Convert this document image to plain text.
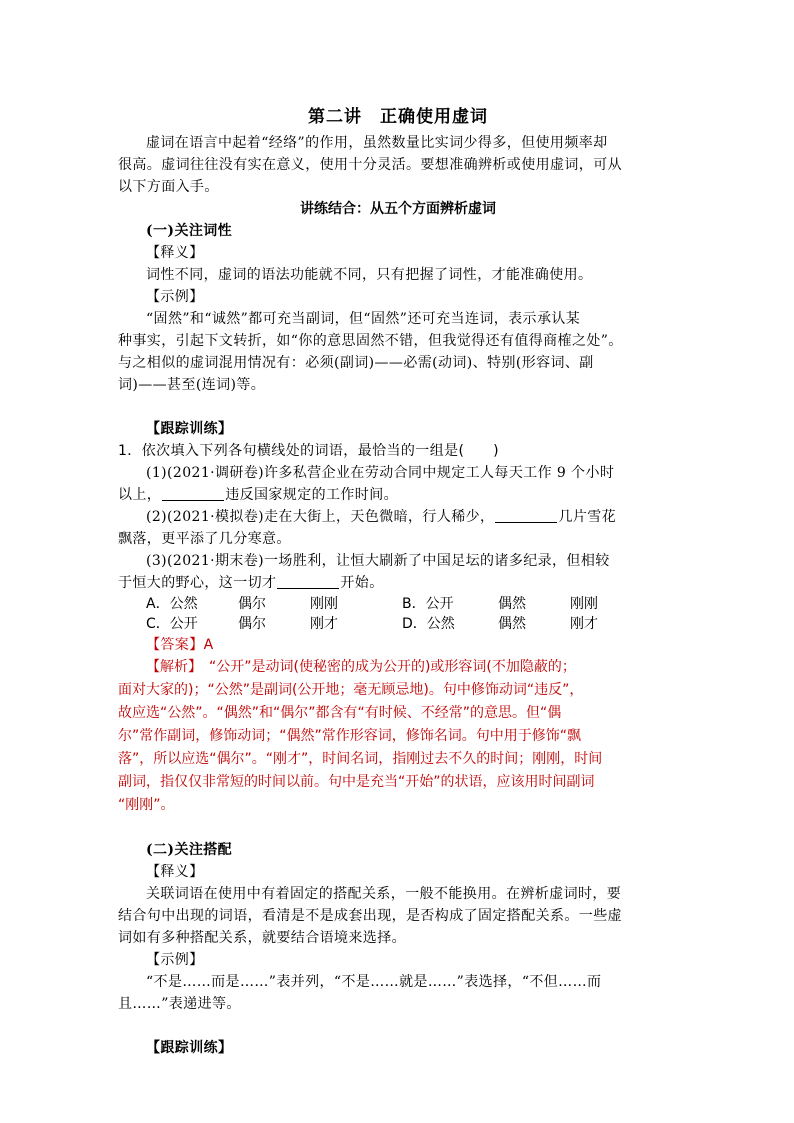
第二讲　正确使用虚词
虚词在语言中起着“经络”的作用，虽然数量比实词少得多，但使用频率却
很高。虚词往往没有实在意义，使用十分灵活。要想准确辨析或使用虚词，可从
以下方面入手。
讲练结合：从五个方面辨析虚词
(一)关注词性
【释义】
词性不同，虚词的语法功能就不同，只有把握了词性，才能准确使用。
【示例】
“固然”和“诚然”都可充当副词，但“固然”还可充当连词，表示承认某
种事实，引起下文转折，如“你的意思固然不错，但我觉得还有值得商榷之处”。
与之相似的虚词混用情况有：必须(副词)——必需(动词)、特别(形容词、副
词)——甚至(连词)等。
【跟踪训练】
1．依次填入下列各句横线处的词语，最恰当的一组是(　　)
(1)(2021·调研卷)许多私营企业在劳动合同中规定工人每天工作 9 个小时
以上，	违反国家规定的工作时间。
(2)(2021·模拟卷)走在大街上，天色微暗，行人稀少，	几片雪花
飘落，更平添了几分寒意。
(3)(2021·期末卷)一场胜利，让恒大刷新了中国足坛的诸多纪录，但相较
于恒大的野心，这一切才	开始。
A．公然	偶尔	刚刚	B．公开	偶然	刚刚
C．公开	偶尔	刚才	D．公然	偶然	刚才
【答案】A
【解析】　“公开”是动词(使秘密的成为公开的)或形容词(不加隐蔽的；
面对大家的)；“公然”是副词(公开地；毫无顾忌地)。句中修饰动词“违反”，
故应选“公然”。“偶然”和“偶尔”都含有“有时候、不经常”的意思。但“偶
尔”常作副词，修饰动词；“偶然”常作形容词，修饰名词。句中用于修饰“飘
落”，所以应选“偶尔”。“刚才”，时间名词，指刚过去不久的时间；刚刚，时间
副词，指仅仅非常短的时间以前。句中是充当“开始”的状语，应该用时间副词
“刚刚”。
(二)关注搭配
【释义】
关联词语在使用中有着固定的搭配关系，一般不能换用。在辨析虚词时，要
结合句中出现的词语，看清是不是成套出现，是否构成了固定搭配关系。一些虚
词如有多种搭配关系，就要结合语境来选择。
【示例】
“不是……而是……”表并列，“不是……就是……”表选择，“不但……而
且……”表递进等。
【跟踪训练】
